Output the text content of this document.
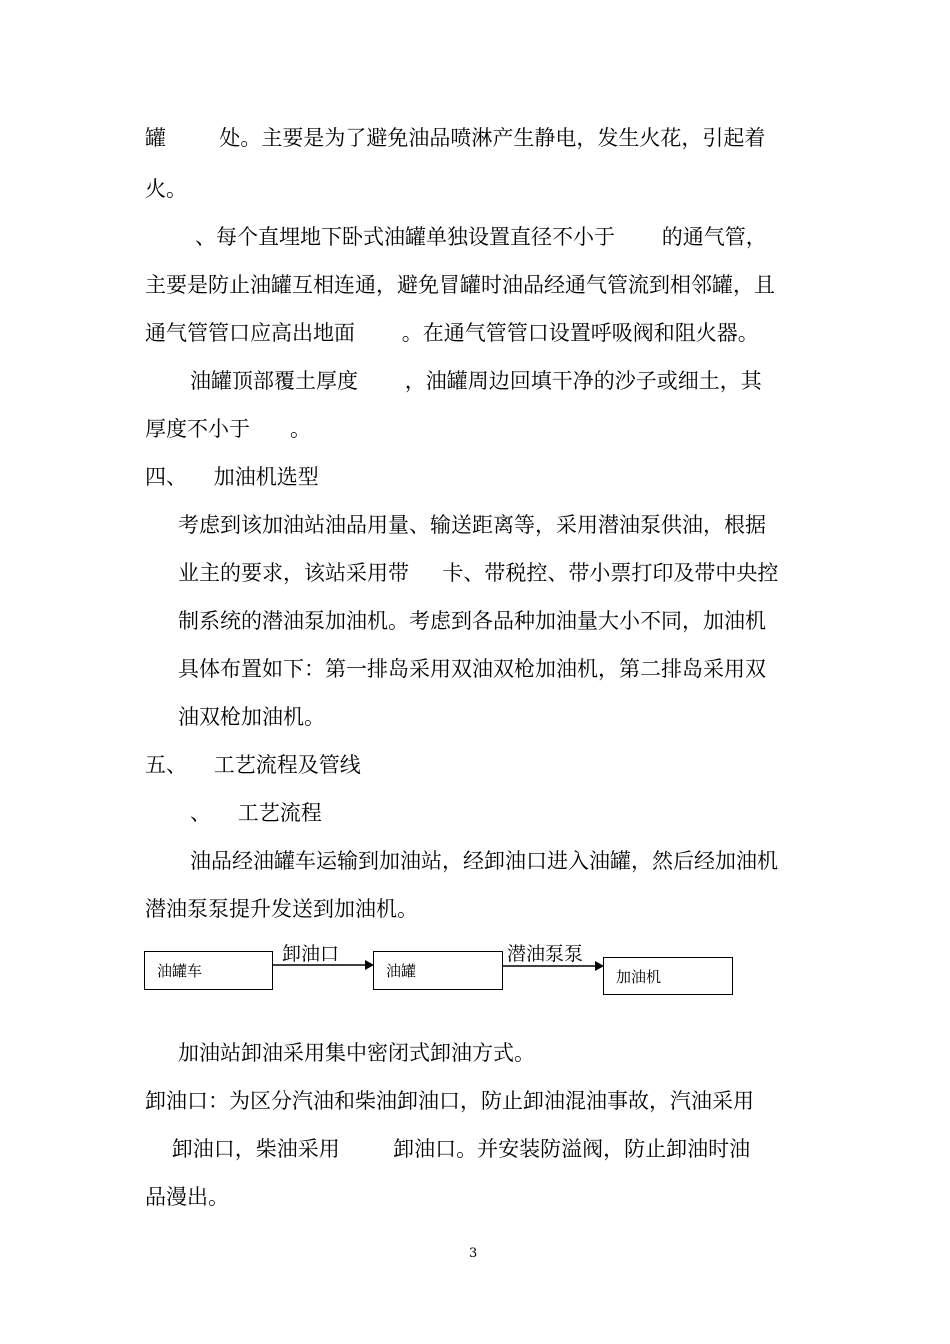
罐        处。主要是为了避免油品喷淋产生静电，发生火花，引起着
火。
、每个直埋地下卧式油罐单独设置直径不小于       的通气管，
主要是防止油罐互相连通，避免冒罐时油品经通气管流到相邻罐，且
通气管管口应高出地面       。在通气管管口设置呼吸阀和阻火器。
油罐顶部覆土厚度       ，油罐周边回填干净的沙子或细土，其
厚度不小于      。
四、    加油机选型
考虑到该加油站油品用量、输送距离等，采用潜油泵供油，根据
业主的要求，该站采用带     卡、带税控、带小票打印及带中央控
制系统的潜油泵加油机。考虑到各品种加油量大小不同，加油机
具体布置如下：第一排岛采用双油双枪加油机，第二排岛采用双
油双枪加油机。
五、    工艺流程及管线
、    工艺流程
油品经油罐车运输到加油站，经卸油口进入油罐，然后经加油机
潜油泵泵提升发送到加油机。
油罐车
卸油口
油罐
潜油泵泵
加油机
加油站卸油采用集中密闭式卸油方式。
卸油口：为区分汽油和柴油卸油口，防止卸油混油事故，汽油采用
卸油口，柴油采用        卸油口。并安装防溢阀，防止卸油时油
品漫出。
3
